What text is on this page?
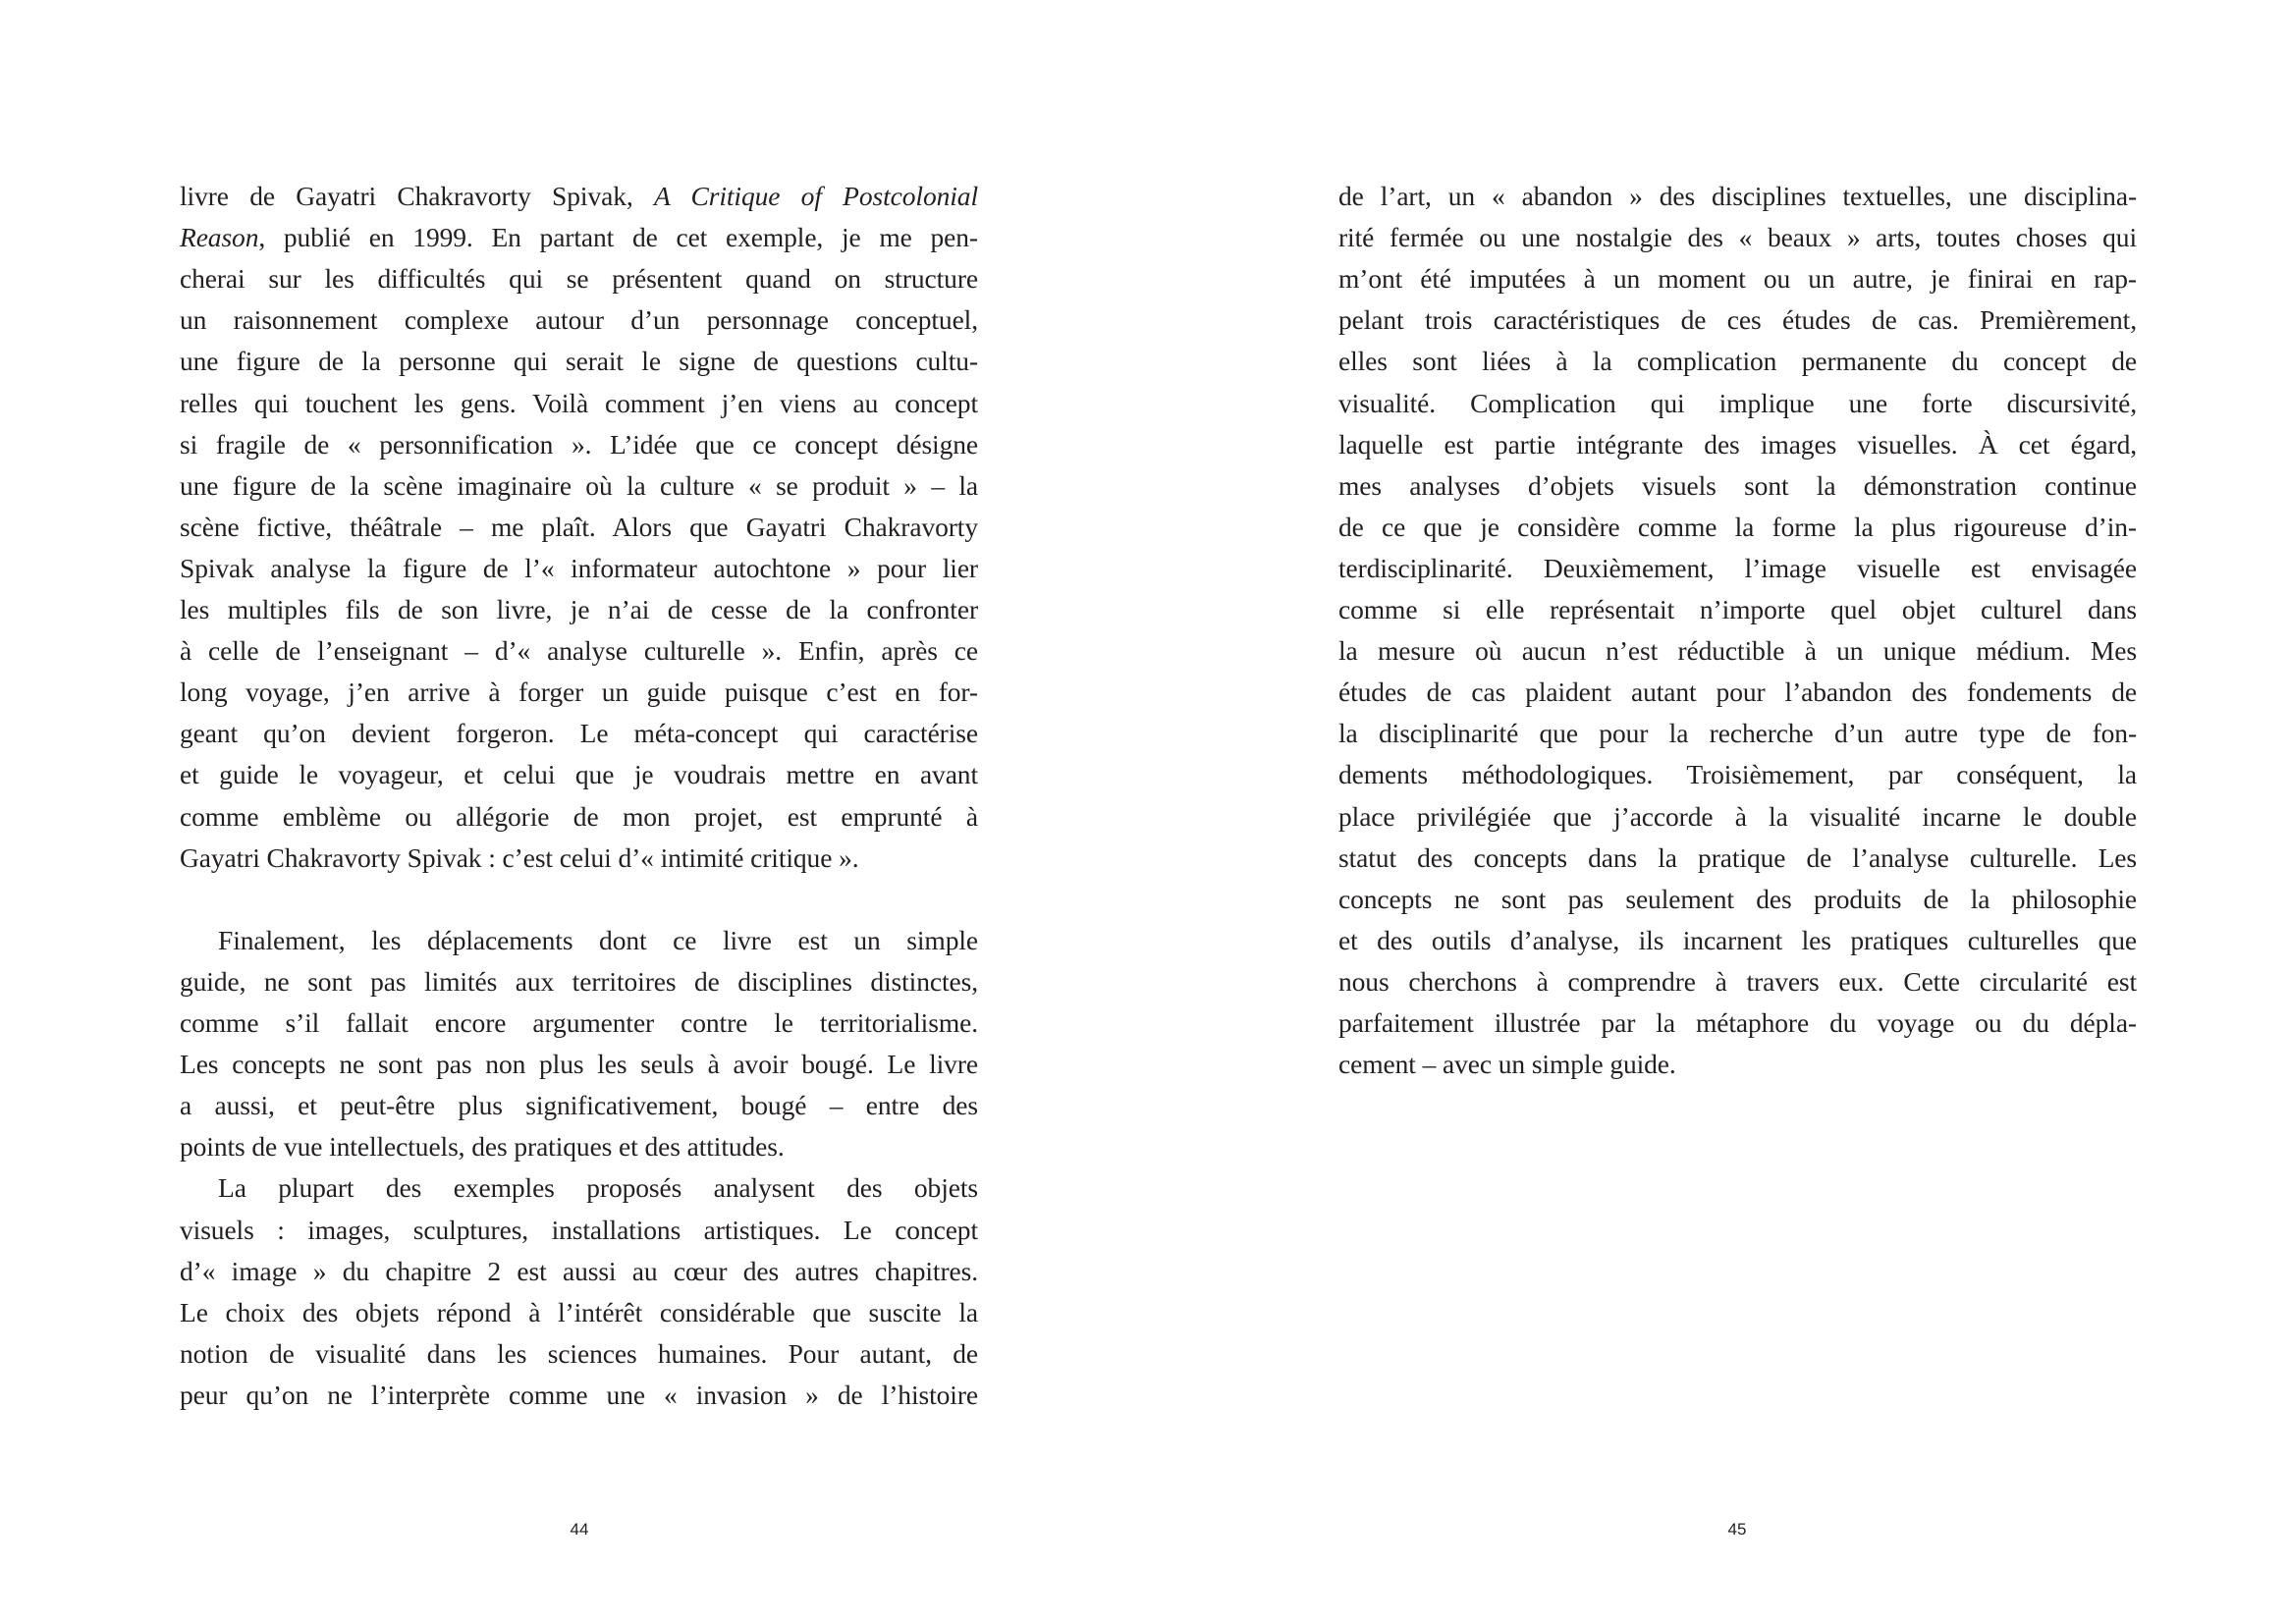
livre de Gayatri Chakravorty Spivak, A Critique of Postcolonial
Reason, publié en 1999. En partant de cet exemple, je me pen-
cherai sur les difficultés qui se présentent quand on structure
un raisonnement complexe autour d’un personnage conceptuel,
une figure de la personne qui serait le signe de questions cultu-
relles qui touchent les gens. Voilà comment j’en viens au concept
si fragile de « personnification ». L’idée que ce concept désigne
une figure de la scène imaginaire où la culture « se produit » – la
scène fictive, théâtrale – me plaît. Alors que Gayatri Chakravorty
Spivak analyse la figure de l’« informateur autochtone » pour lier
les multiples fils de son livre, je n’ai de cesse de la confronter
à celle de l’enseignant – d’« analyse culturelle ». Enfin, après ce
long voyage, j’en arrive à forger un guide puisque c’est en for-
geant qu’on devient forgeron. Le méta-concept qui caractérise
et guide le voyageur, et celui que je voudrais mettre en avant
comme emblème ou allégorie de mon projet, est emprunté à
Gayatri Chakravorty Spivak : c’est celui d’« intimité critique ».
Finalement, les déplacements dont ce livre est un simple
guide, ne sont pas limités aux territoires de disciplines distinctes,
comme s’il fallait encore argumenter contre le territorialisme.
Les concepts ne sont pas non plus les seuls à avoir bougé. Le livre
a aussi, et peut-être plus significativement, bougé – entre des
points de vue intellectuels, des pratiques et des attitudes.
La plupart des exemples proposés analysent des objets
visuels : images, sculptures, installations artistiques. Le concept
d’« image » du chapitre 2 est aussi au cœur des autres chapitres.
Le choix des objets répond à l’intérêt considérable que suscite la
notion de visualité dans les sciences humaines. Pour autant, de
peur qu’on ne l’interprète comme une « invasion » de l’histoire
44
de l’art, un « abandon » des disciplines textuelles, une disciplina-
rité fermée ou une nostalgie des « beaux » arts, toutes choses qui
m’ont été imputées à un moment ou un autre, je finirai en rap-
pelant trois caractéristiques de ces études de cas. Premièrement,
elles sont liées à la complication permanente du concept de
visualité. Complication qui implique une forte discursivité,
laquelle est partie intégrante des images visuelles. À cet égard,
mes analyses d’objets visuels sont la démonstration continue
de ce que je considère comme la forme la plus rigoureuse d’in-
terdisciplinarité. Deuxièmement, l’image visuelle est envisagée
comme si elle représentait n’importe quel objet culturel dans
la mesure où aucun n’est réductible à un unique médium. Mes
études de cas plaident autant pour l’abandon des fondements de
la disciplinarité que pour la recherche d’un autre type de fon-
dements méthodologiques. Troisièmement, par conséquent, la
place privilégiée que j’accorde à la visualité incarne le double
statut des concepts dans la pratique de l’analyse culturelle. Les
concepts ne sont pas seulement des produits de la philosophie
et des outils d’analyse, ils incarnent les pratiques culturelles que
nous cherchons à comprendre à travers eux. Cette circularité est
parfaitement illustrée par la métaphore du voyage ou du dépla-
cement – avec un simple guide.
45
